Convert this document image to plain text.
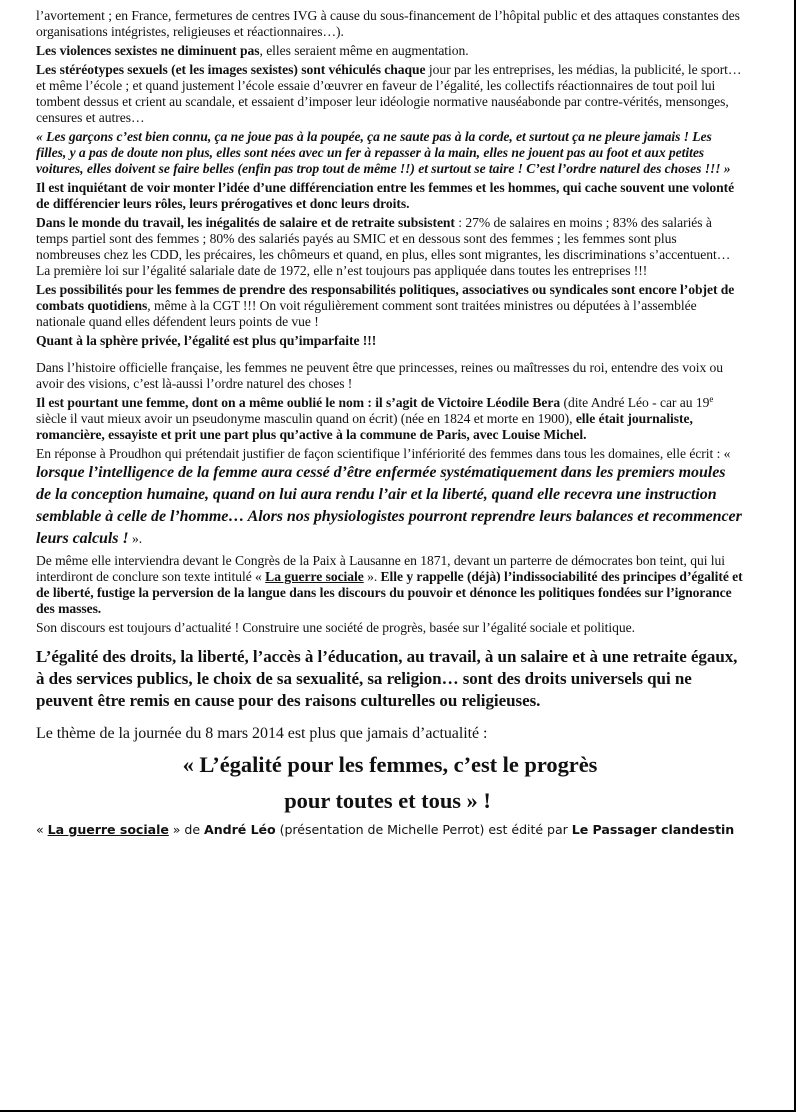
l’avortement ; en France, fermetures de centres IVG à cause du sous-financement de l’hôpital public et des attaques constantes des organisations intégristes, religieuses et réactionnaires…).
Les violences sexistes ne diminuent pas, elles seraient même en augmentation.
Les stéréotypes sexuels (et les images sexistes) sont véhiculés chaque jour par les entreprises, les médias, la publicité, le sport… et même l’école ; et quand justement l’école essaie d’œuvrer en faveur de l’égalité, les collectifs réactionnaires de tout poil lui tombent dessus et crient au scandale, et essaient d’imposer leur idéologie normative nauséabonde par contre-vérités, mensonges, censures et autres…
« Les garçons c’est bien connu, ça ne joue pas à la poupée, ça ne saute pas à la corde, et surtout ça ne pleure jamais ! Les filles, y a pas de doute non plus, elles sont nées avec un fer à repasser à la main, elles ne jouent pas au foot et aux petites voitures, elles doivent se faire belles (enfin pas trop tout de même !!) et surtout se taire ! C’est l’ordre naturel des choses !!! »
Il est inquiétant de voir monter l’idée d’une différenciation entre les femmes et les hommes, qui cache souvent une volonté de différencier leurs rôles, leurs prérogatives et donc leurs droits.
Dans le monde du travail, les inégalités de salaire et de retraite subsistent : 27% de salaires en moins ; 83% des salariés à temps partiel sont des femmes ; 80% des salariés payés au SMIC et en dessous sont des femmes ; les femmes sont plus nombreuses chez les CDD, les précaires, les chômeurs et quand, en plus, elles sont migrantes, les discriminations s’accentuent… La première loi sur l’égalité salariale date de 1972, elle n’est toujours pas appliquée dans toutes les entreprises !!!
Les possibilités pour les femmes de prendre des responsabilités politiques, associatives ou syndicales sont encore l’objet de combats quotidiens, même à la CGT !!! On voit régulièrement comment sont traitées ministres ou députées à l’assemblée nationale quand elles défendent leurs points de vue !
Quant à la sphère privée, l’égalité est plus qu’imparfaite !!!
Dans l’histoire officielle française, les femmes ne peuvent être que princesses, reines ou maîtresses du roi, entendre des voix ou avoir des visions, c’est là-aussi l’ordre naturel des choses !
Il est pourtant une femme, dont on a même oublié le nom : il s’agit de Victoire Léodile Bera (dite André Léo - car au 19e siècle il vaut mieux avoir un pseudonyme masculin quand on écrit) (née en 1824 et morte en 1900), elle était journaliste, romancière, essayiste et prit une part plus qu’active à la commune de Paris, avec Louise Michel.
En réponse à Proudhon qui prétendait justifier de façon scientifique l’infériorité des femmes dans tous les domaines, elle écrit : « lorsque l’intelligence de la femme aura cessé d’être enfermée systématiquement dans les premiers moules de la conception humaine, quand on lui aura rendu l’air et la liberté, quand elle recevra une instruction semblable à celle de l’homme… Alors nos physiologistes pourront reprendre leurs balances et recommencer leurs calculs ! ».
De même elle interviendra devant le Congrès de la Paix à Lausanne en 1871, devant un parterre de démocrates bon teint, qui lui interdiront de conclure son texte intitulé « La guerre sociale ». Elle y rappelle (déjà) l’indissociabilité des principes d’égalité et de liberté, fustige la perversion de la langue dans les discours du pouvoir et dénonce les politiques fondées sur l’ignorance des masses.
Son discours est toujours d’actualité ! Construire une société de progrès, basée sur l’égalité sociale et politique.
L’égalité des droits, la liberté, l’accès à l’éducation, au travail, à un salaire et à une retraite égaux, à des services publics, le choix de sa sexualité, sa religion… sont des droits universels qui ne peuvent être remis en cause pour des raisons culturelles ou religieuses.
Le thème de la journée du 8 mars 2014 est plus que jamais d’actualité :
« L’égalité pour les femmes, c’est le progrès
pour toutes et tous » !
« La guerre sociale » de André Léo (présentation de Michelle Perrot) est édité par Le Passager clandestin
